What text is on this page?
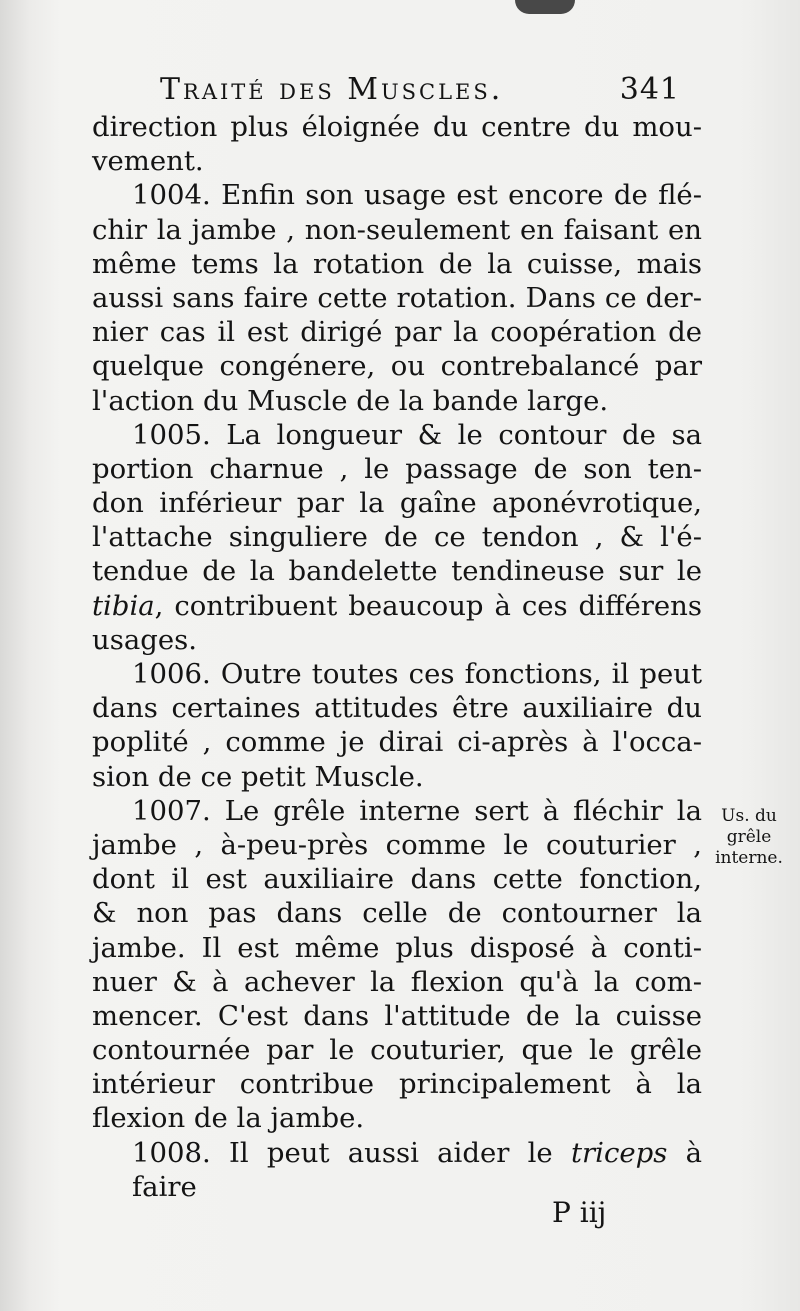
Traité des Muscles.	341
direction plus éloignée du centre du mou-
vement.
1004. Enfin son usage est encore de flé-
chir la jambe , non-seulement en faisant en
même tems la rotation de la cuisse, mais
aussi sans faire cette rotation. Dans ce der-
nier cas il est dirigé par la coopération de
quelque congénere, ou contrebalancé par
l'action du Muscle de la bande large.
1005. La longueur & le contour de sa
portion charnue , le passage de son ten-
don inférieur par la gaîne aponévrotique,
l'attache singuliere de ce tendon , & l'é-
tendue de la bandelette tendineuse sur le
tibia, contribuent beaucoup à ces différens
usages.
1006. Outre toutes ces fonctions, il peut
dans certaines attitudes être auxiliaire du
poplité , comme je dirai ci-après à l'occa-
sion de ce petit Muscle.
1007. Le grêle interne sert à fléchir la
jambe , à-peu-près comme le couturier ,
dont il est auxiliaire dans cette fonction,
& non pas dans celle de contourner la
jambe. Il est même plus disposé à conti-
nuer & à achever la flexion qu'à la com-
mencer. C'est dans l'attitude de la cuisse
contournée par le couturier, que le grêle
intérieur contribue principalement à la
flexion de la jambe.
1008. Il peut aussi aider le triceps à faire
Us. du
grêle
interne.
P iij
